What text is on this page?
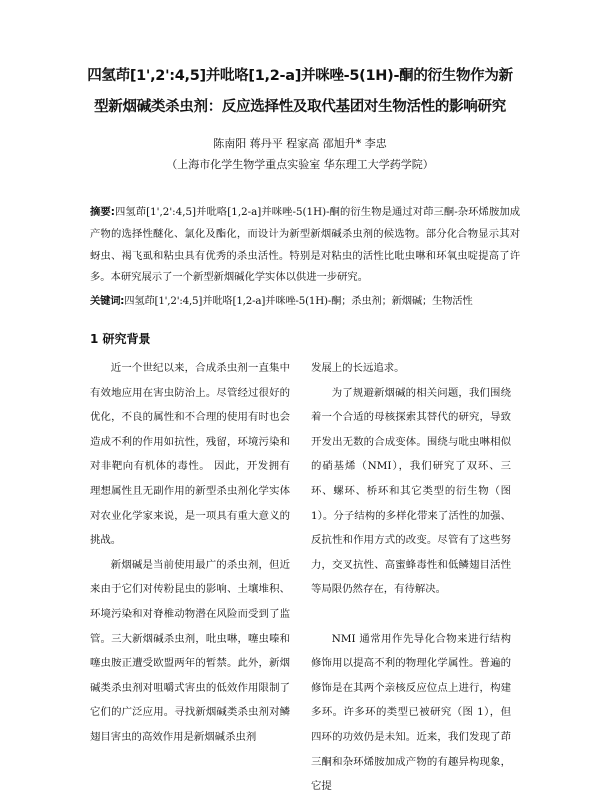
四氢茚[1',2':4,5]并吡咯[1,2-a]并咪唑-5(1H)-酮的衍生物作为新
型新烟碱类杀虫剂：反应选择性及取代基团对生物活性的影响研究
陈南阳 蒋丹平 程家高 邵旭升* 李忠
（上海市化学生物学重点实验室 华东理工大学药学院）
摘要:四氢茚[1',2':4,5]并吡咯[1,2-a]并咪唑-5(1H)-酮的衍生物是通过对茚三酮-杂环烯胺加成产物的选择性醚化、氯化及酯化，而设计为新型新烟碱杀虫剂的候选物。部分化合物显示其对蚜虫、褐飞虱和粘虫具有优秀的杀虫活性。特别是对粘虫的活性比吡虫啉和环氧虫啶提高了许多。本研究展示了一个新型新烟碱化学实体以供进一步研究。
关键词:四氢茚[1',2':4,5]并吡咯[1,2-a]并咪唑-5(1H)-酮；杀虫剂；新烟碱；生物活性
1 研究背景

近一个世纪以来，合成杀虫剂一直集中有效地应用在害虫防治上。尽管经过很好的优化，不良的属性和不合理的使用有时也会造成不利的作用如抗性，残留，环境污染和对非靶向有机体的毒性。 因此，开发拥有理想属性且无副作用的新型杀虫剂化学实体对农业化学家来说，是一项具有重大意义的挑战。

新烟碱是当前使用最广的杀虫剂，但近来由于它们对传粉昆虫的影响、土壤堆积、环境污染和对脊椎动物潜在风险而受到了监管。三大新烟碱杀虫剂，吡虫啉，噻虫嗪和噻虫胺正遭受欧盟两年的暂禁。此外，新烟碱类杀虫剂对咀嚼式害虫的低效作用限制了它们的广泛应用。寻找新烟碱类杀虫剂对鳞翅目害虫的高效作用是新烟碱杀虫剂

发展上的长远追求。

为了规避新烟碱的相关问题，我们围绕着一个合适的母核探索其替代的研究，导致开发出无数的合成变体。围绕与吡虫啉相似的硝基烯（NMI），我们研究了双环、三环、螺环、桥环和其它类型的衍生物（图 1）。分子结构的多样化带来了活性的加强、反抗性和作用方式的改变。尽管有了这些努力，交叉抗性、高蜜蜂毒性和低鳞翅目活性等局限仍然存在，有待解决。

NMI 通常用作先导化合物来进行结构修饰用以提高不利的物理化学属性。普遍的修饰是在其两个亲核反应位点上进行，构建多环。许多环的类型已被研究（图 1），但四环的功效仍是未知。近来，我们发现了茚三酮和杂环烯胺加成产物的有趣异构现象，它提
